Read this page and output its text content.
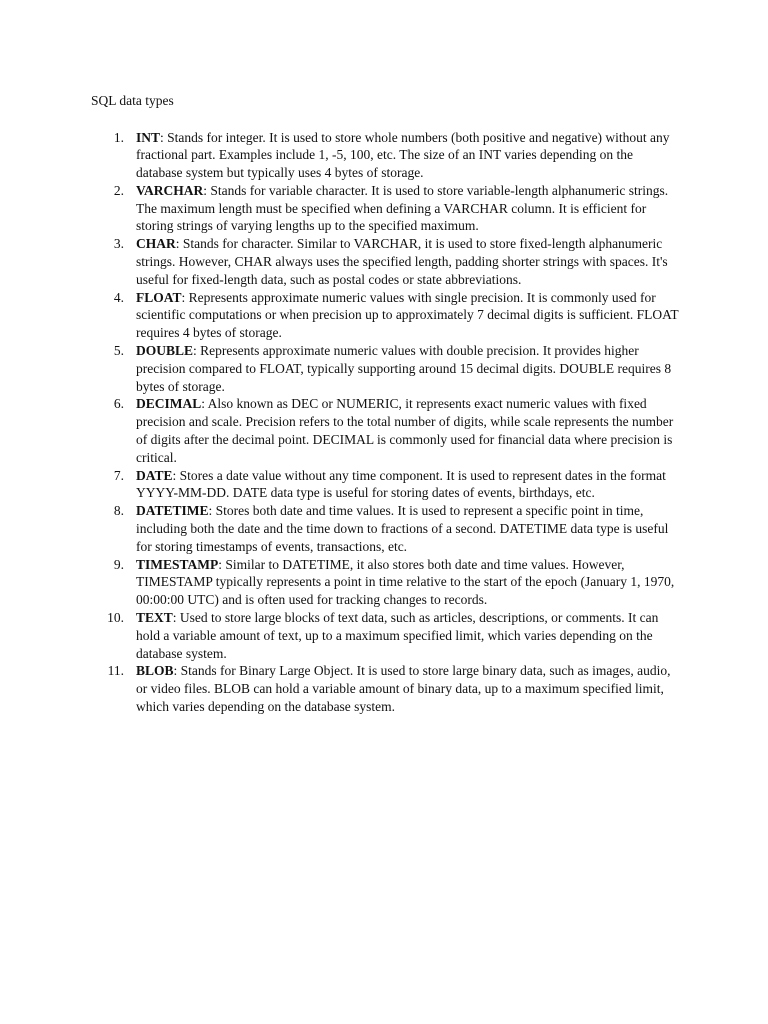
SQL data types
1. INT: Stands for integer. It is used to store whole numbers (both positive and negative) without any fractional part. Examples include 1, -5, 100, etc. The size of an INT varies depending on the database system but typically uses 4 bytes of storage.
2. VARCHAR: Stands for variable character. It is used to store variable-length alphanumeric strings. The maximum length must be specified when defining a VARCHAR column. It is efficient for storing strings of varying lengths up to the specified maximum.
3. CHAR: Stands for character. Similar to VARCHAR, it is used to store fixed-length alphanumeric strings. However, CHAR always uses the specified length, padding shorter strings with spaces. It's useful for fixed-length data, such as postal codes or state abbreviations.
4. FLOAT: Represents approximate numeric values with single precision. It is commonly used for scientific computations or when precision up to approximately 7 decimal digits is sufficient. FLOAT requires 4 bytes of storage.
5. DOUBLE: Represents approximate numeric values with double precision. It provides higher precision compared to FLOAT, typically supporting around 15 decimal digits. DOUBLE requires 8 bytes of storage.
6. DECIMAL: Also known as DEC or NUMERIC, it represents exact numeric values with fixed precision and scale. Precision refers to the total number of digits, while scale represents the number of digits after the decimal point. DECIMAL is commonly used for financial data where precision is critical.
7. DATE: Stores a date value without any time component. It is used to represent dates in the format YYYY-MM-DD. DATE data type is useful for storing dates of events, birthdays, etc.
8. DATETIME: Stores both date and time values. It is used to represent a specific point in time, including both the date and the time down to fractions of a second. DATETIME data type is useful for storing timestamps of events, transactions, etc.
9. TIMESTAMP: Similar to DATETIME, it also stores both date and time values. However, TIMESTAMP typically represents a point in time relative to the start of the epoch (January 1, 1970, 00:00:00 UTC) and is often used for tracking changes to records.
10. TEXT: Used to store large blocks of text data, such as articles, descriptions, or comments. It can hold a variable amount of text, up to a maximum specified limit, which varies depending on the database system.
11. BLOB: Stands for Binary Large Object. It is used to store large binary data, such as images, audio, or video files. BLOB can hold a variable amount of binary data, up to a maximum specified limit, which varies depending on the database system.
